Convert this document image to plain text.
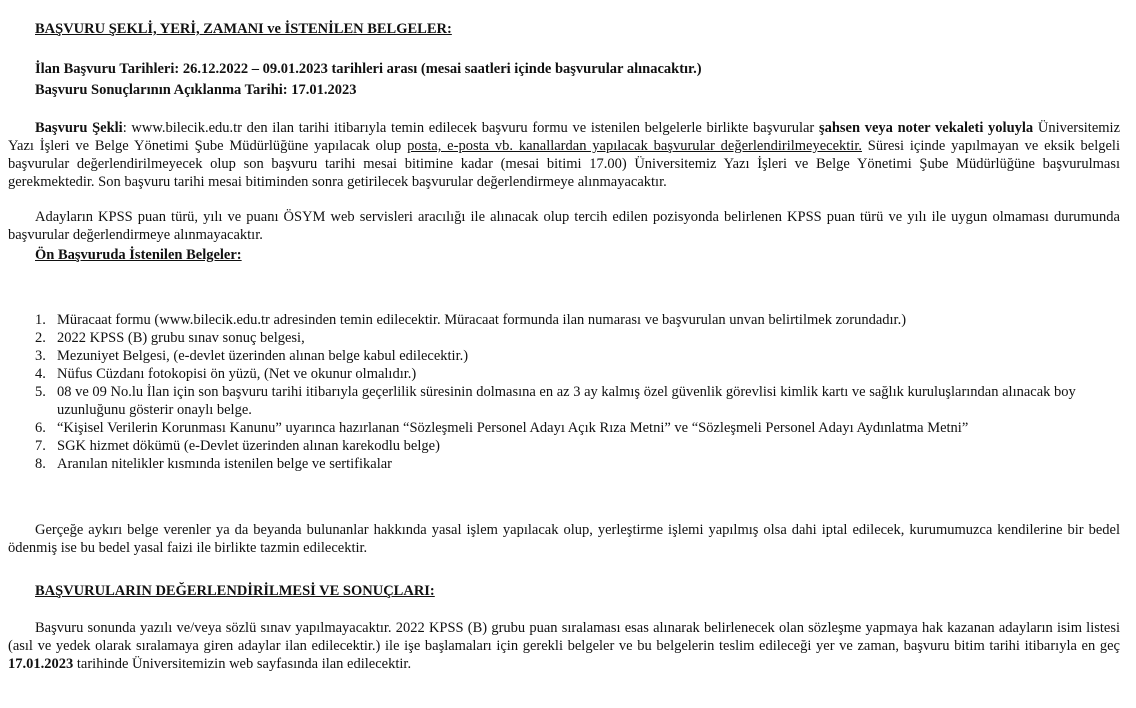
BAŞVURU ŞEKLİ, YERİ, ZAMANI ve İSTENİLEN BELGELER:
İlan Başvuru Tarihleri: 26.12.2022 – 09.01.2023 tarihleri arası (mesai saatleri içinde başvurular alınacaktır.)
Başvuru Sonuçlarının Açıklanma Tarihi: 17.01.2023
Başvuru Şekli: www.bilecik.edu.tr den ilan tarihi itibarıyla temin edilecek başvuru formu ve istenilen belgelerle birlikte başvurular şahsen veya noter vekaleti yoluyla Üniversitemiz Yazı İşleri ve Belge Yönetimi Şube Müdürlüğüne yapılacak olup posta, e-posta vb. kanallardan yapılacak başvurular değerlendirilmeyecektir. Süresi içinde yapılmayan ve eksik belgeli başvurular değerlendirilmeyecek olup son başvuru tarihi mesai bitimine kadar (mesai bitimi 17.00) Üniversitemiz Yazı İşleri ve Belge Yönetimi Şube Müdürlüğüne başvurulması gerekmektedir. Son başvuru tarihi mesai bitiminden sonra getirilecek başvurular değerlendirmeye alınmayacaktır.
Adayların KPSS puan türü, yılı ve puanı ÖSYM web servisleri aracılığı ile alınacak olup tercih edilen pozisyonda belirlenen KPSS puan türü ve yılı ile uygun olmaması durumunda başvurular değerlendirmeye alınmayacaktır.
Ön Başvuruda İstenilen Belgeler:
1. Müracaat formu (www.bilecik.edu.tr adresinden temin edilecektir. Müracaat formunda ilan numarası ve başvurulan unvan belirtilmek zorundadır.)
2. 2022 KPSS (B) grubu sınav sonuç belgesi,
3. Mezuniyet Belgesi, (e-devlet üzerinden alınan belge kabul edilecektir.)
4. Nüfus Cüzdanı fotokopisi ön yüzü, (Net ve okunur olmalıdır.)
5. 08 ve 09 No.lu İlan için son başvuru tarihi itibarıyla geçerlilik süresinin dolmasına en az 3 ay kalmış özel güvenlik görevlisi kimlik kartı ve sağlık kuruluşlarından alınacak boy uzunluğunu gösterir onaylı belge.
6. “Kişisel Verilerin Korunması Kanunu” uyarınca hazırlanan “Sözleşmeli Personel Adayı Açık Rıza Metni” ve “Sözleşmeli Personel Adayı Aydınlatma Metni”
7. SGK hizmet dökümü (e-Devlet üzerinden alınan karekodlu belge)
8. Aranılan nitelikler kısmında istenilen belge ve sertifikalar
Gerçeğe aykırı belge verenler ya da beyanda bulunanlar hakkında yasal işlem yapılacak olup, yerleştirme işlemi yapılmış olsa dahi iptal edilecek, kurumumuzca kendilerine bir bedel ödenmiş ise bu bedel yasal faizi ile birlikte tazmin edilecektir.
BAŞVURULARIN DEĞERLENDİRİLMESİ VE SONUÇLARI:
Başvuru sonunda yazılı ve/veya sözlü sınav yapılmayacaktır. 2022 KPSS (B) grubu puan sıralaması esas alınarak belirlenecek olan sözleşme yapmaya hak kazanan adayların isim listesi (asıl ve yedek olarak sıralamaya giren adaylar ilan edilecektir.) ile işe başlamaları için gerekli belgeler ve bu belgelerin teslim edileceği yer ve zaman, başvuru bitim tarihi itibarıyla en geç 17.01.2023 tarihinde Üniversitemizin web sayfasında ilan edilecektir.
